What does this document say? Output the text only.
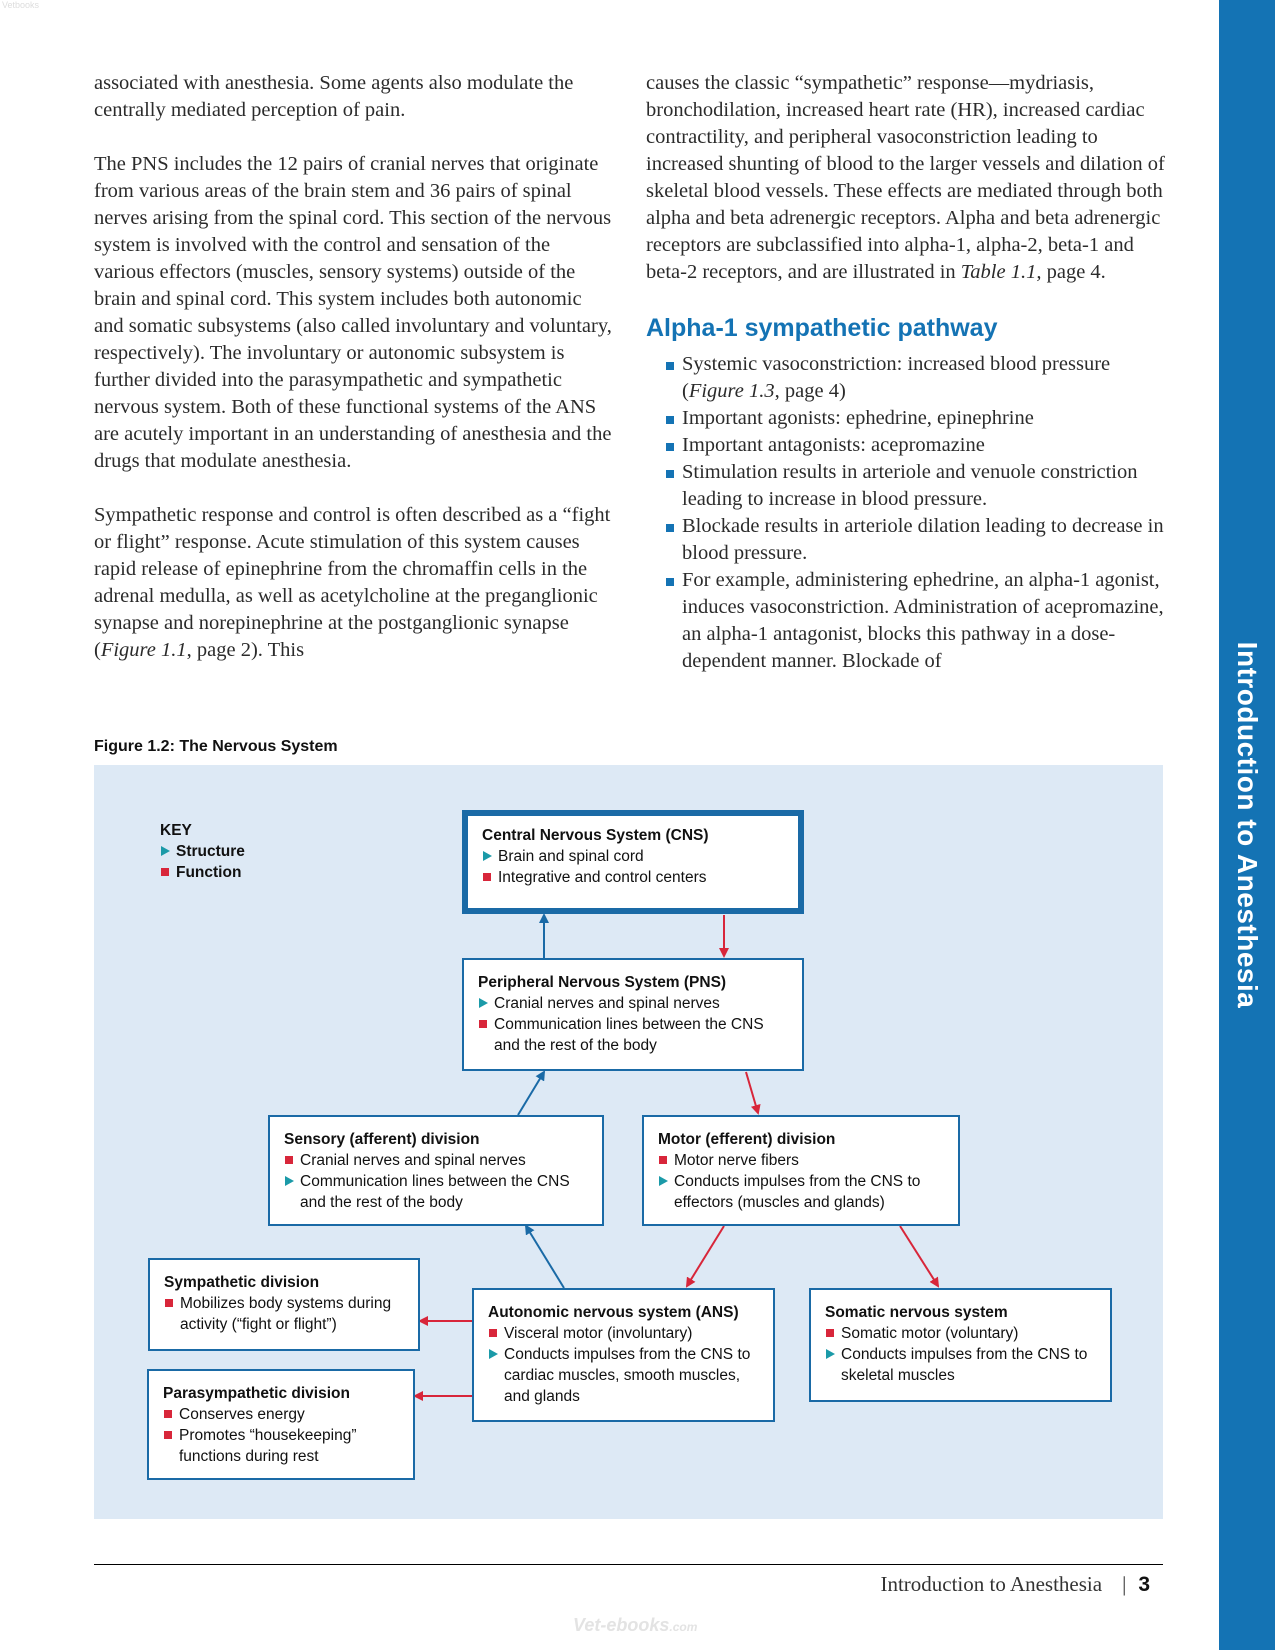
Vetbooks

associated with anesthesia. Some agents also modulate the centrally mediated perception of pain.

The PNS includes the 12 pairs of cranial nerves that originate from various areas of the brain stem and 36 pairs of spinal nerves arising from the spinal cord. This section of the nervous system is involved with the control and sensation of the various effectors (muscles, sensory systems) outside of the brain and spinal cord. This system includes both autonomic and somatic subsystems (also called involuntary and voluntary, respectively). The involuntary or autonomic subsystem is further divided into the parasympathetic and sympathetic nervous system. Both of these functional systems of the ANS are acutely important in an understanding of anesthesia and the drugs that modulate anesthesia.

Sympathetic response and control is often described as a “fight or flight” response. Acute stimulation of this system causes rapid release of epinephrine from the chromaffin cells in the adrenal medulla, as well as acetylcholine at the preganglionic synapse and norepinephrine at the postganglionic synapse (Figure 1.1, page 2). This

causes the classic “sympathetic” response—mydriasis, bronchodilation, increased heart rate (HR), increased cardiac contractility, and peripheral vasoconstriction leading to increased shunting of blood to the larger vessels and dilation of skeletal blood vessels. These effects are mediated through both alpha and beta adrenergic receptors. Alpha and beta adrenergic receptors are subclassified into alpha-1, alpha-2, beta-1 and beta-2 receptors, and are illustrated in Table 1.1, page 4.

Alpha-1 sympathetic pathway
Systemic vasoconstriction: increased blood pressure (Figure 1.3, page 4)
Important agonists: ephedrine, epinephrine
Important antagonists: acepromazine
Stimulation results in arteriole and venuole constriction leading to increase in blood pressure.
Blockade results in arteriole dilation leading to decrease in blood pressure.
For example, administering ephedrine, an alpha-1 agonist, induces vasoconstriction. Administration of acepromazine, an alpha-1 antagonist, blocks this pathway in a dose-dependent manner. Blockade of	Introduction to Anesthesia
Figure 1.2: The Nervous System
KEY
Structure
Function
Central Nervous System (CNS)
Brain and spinal cord
Integrative and control centers
Peripheral Nervous System (PNS)
Cranial nerves and spinal nerves
Communication lines between the CNS and the rest of the body
Sensory (afferent) division
Cranial nerves and spinal nerves
Communication lines between the CNS and the rest of the body
Motor (efferent) division
Motor nerve fibers
Conducts impulses from the CNS to effectors (muscles and glands)
Sympathetic division
Mobilizes body systems during activity (“fight or flight”)
Parasympathetic division
Conserves energy
Promotes “housekeeping” functions during rest
Autonomic nervous system (ANS)
Visceral motor (involuntary)
Conducts impulses from the CNS to cardiac muscles, smooth muscles, and glands
Somatic nervous system
Somatic motor (voluntary)
Conducts impulses from the CNS to skeletal muscles
Introduction to Anesthesia | 3
Vet-ebooks.com
